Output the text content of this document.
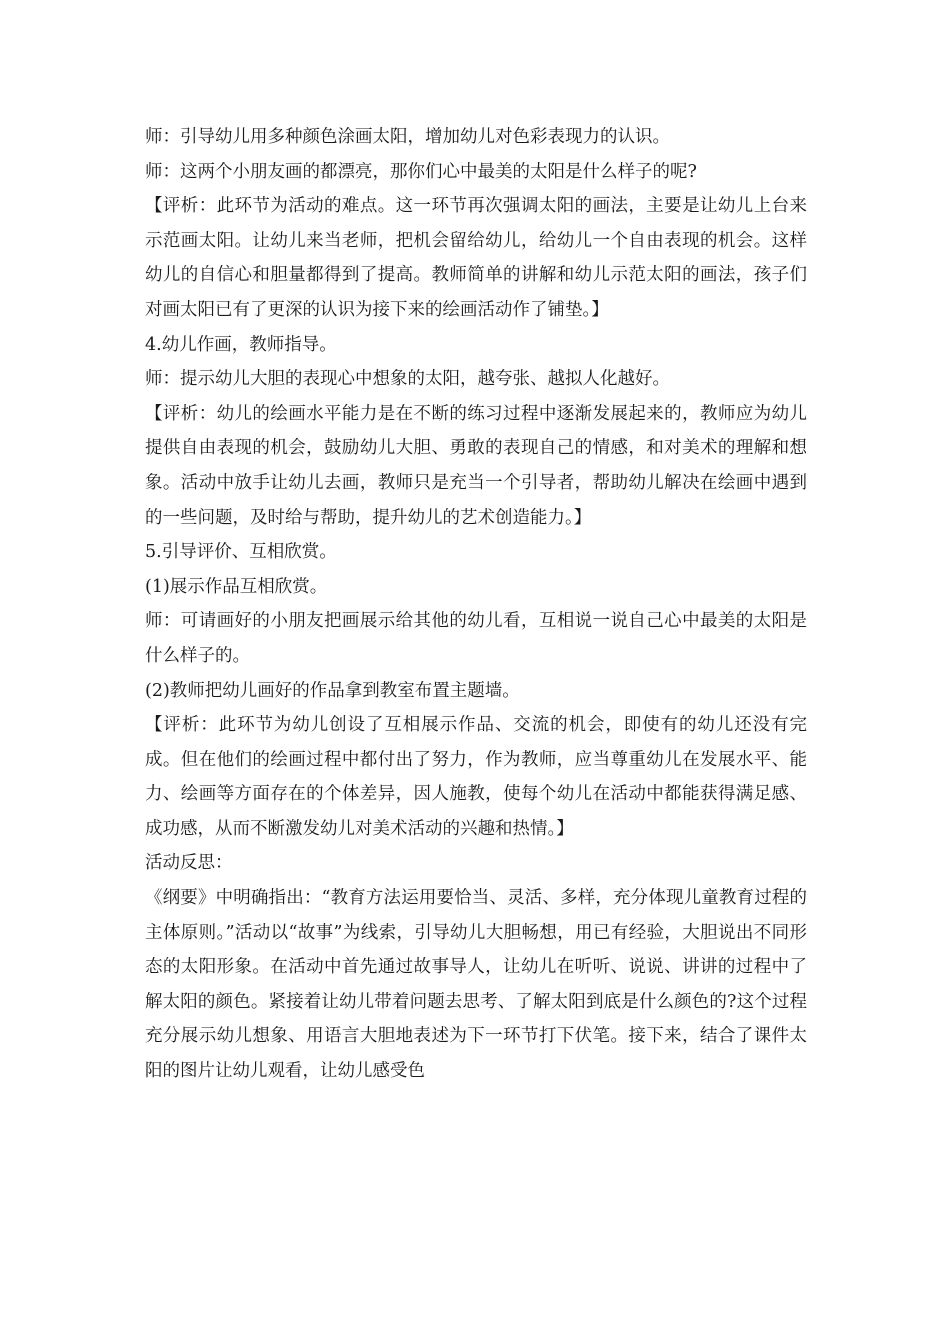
师：引导幼儿用多种颜色涂画太阳，增加幼儿对色彩表现力的认识。

师：这两个小朋友画的都漂亮，那你们心中最美的太阳是什么样子的呢?

【评析：此环节为活动的难点。这一环节再次强调太阳的画法，主要是让幼儿上台来示范画太阳。让幼儿来当老师，把机会留给幼儿，给幼儿一个自由表现的机会。这样幼儿的自信心和胆量都得到了提高。教师简单的讲解和幼儿示范太阳的画法，孩子们对画太阳已有了更深的认识为接下来的绘画活动作了铺垫。】

4.幼儿作画，教师指导。

师：提示幼儿大胆的表现心中想象的太阳，越夸张、越拟人化越好。

【评析：幼儿的绘画水平能力是在不断的练习过程中逐渐发展起来的，教师应为幼儿提供自由表现的机会，鼓励幼儿大胆、勇敢的表现自己的情感，和对美术的理解和想象。活动中放手让幼儿去画，教师只是充当一个引导者，帮助幼儿解决在绘画中遇到的一些问题，及时给与帮助，提升幼儿的艺术创造能力。】

5.引导评价、互相欣赏。

(1)展示作品互相欣赏。

师：可请画好的小朋友把画展示给其他的幼儿看，互相说一说自己心中最美的太阳是什么样子的。

(2)教师把幼儿画好的作品拿到教室布置主题墙。

【评析：此环节为幼儿创设了互相展示作品、交流的机会，即使有的幼儿还没有完成。但在他们的绘画过程中都付出了努力，作为教师，应当尊重幼儿在发展水平、能力、绘画等方面存在的个体差异，因人施教，使每个幼儿在活动中都能获得满足感、成功感，从而不断激发幼儿对美术活动的兴趣和热情。】

活动反思：

《纲要》中明确指出：“教育方法运用要恰当、灵活、多样，充分体现儿童教育过程的主体原则。”活动以“故事”为线索，引导幼儿大胆畅想，用已有经验，大胆说出不同形态的太阳形象。在活动中首先通过故事导人，让幼儿在听听、说说、讲讲的过程中了解太阳的颜色。紧接着让幼儿带着问题去思考、了解太阳到底是什么颜色的?这个过程充分展示幼儿想象、用语言大胆地表述为下一环节打下伏笔。接下来，结合了课件太阳的图片让幼儿观看，让幼儿感受色
